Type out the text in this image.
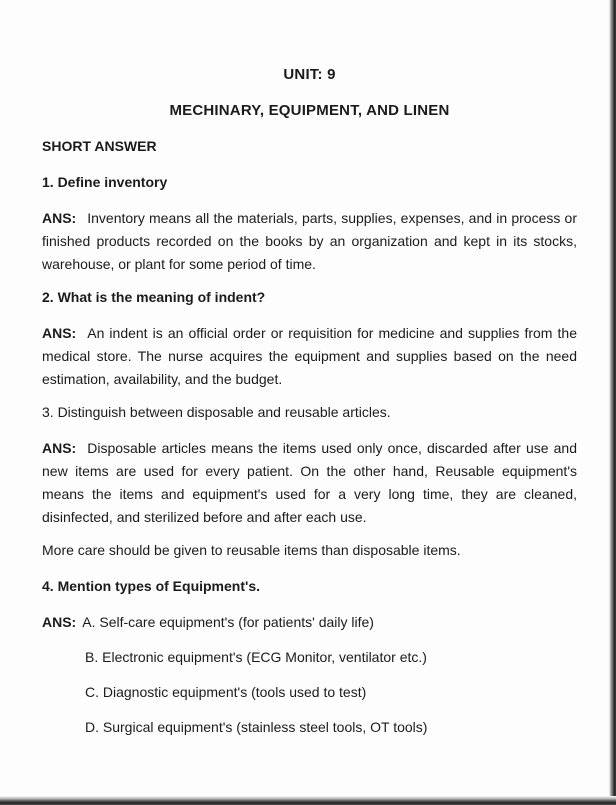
UNIT: 9

MECHINARY, EQUIPMENT, AND LINEN

SHORT ANSWER

1. Define inventory

ANS: Inventory means all the materials, parts, supplies, expenses, and in process or finished products recorded on the books by an organization and kept in its stocks, warehouse, or plant for some period of time.

2. What is the meaning of indent?

ANS: An indent is an official order or requisition for medicine and supplies from the medical store. The nurse acquires the equipment and supplies based on the need estimation, availability, and the budget.

3. Distinguish between disposable and reusable articles.

ANS: Disposable articles means the items used only once, discarded after use and new items are used for every patient. On the other hand, Reusable equipment's means the items and equipment's used for a very long time, they are cleaned, disinfected, and sterilized before and after each use.

More care should be given to reusable items than disposable items.

4. Mention types of Equipment's.

ANS: A. Self-care equipment's (for patients' daily life)

B. Electronic equipment's (ECG Monitor, ventilator etc.)

C. Diagnostic equipment's (tools used to test)

D. Surgical equipment's (stainless steel tools, OT tools)
